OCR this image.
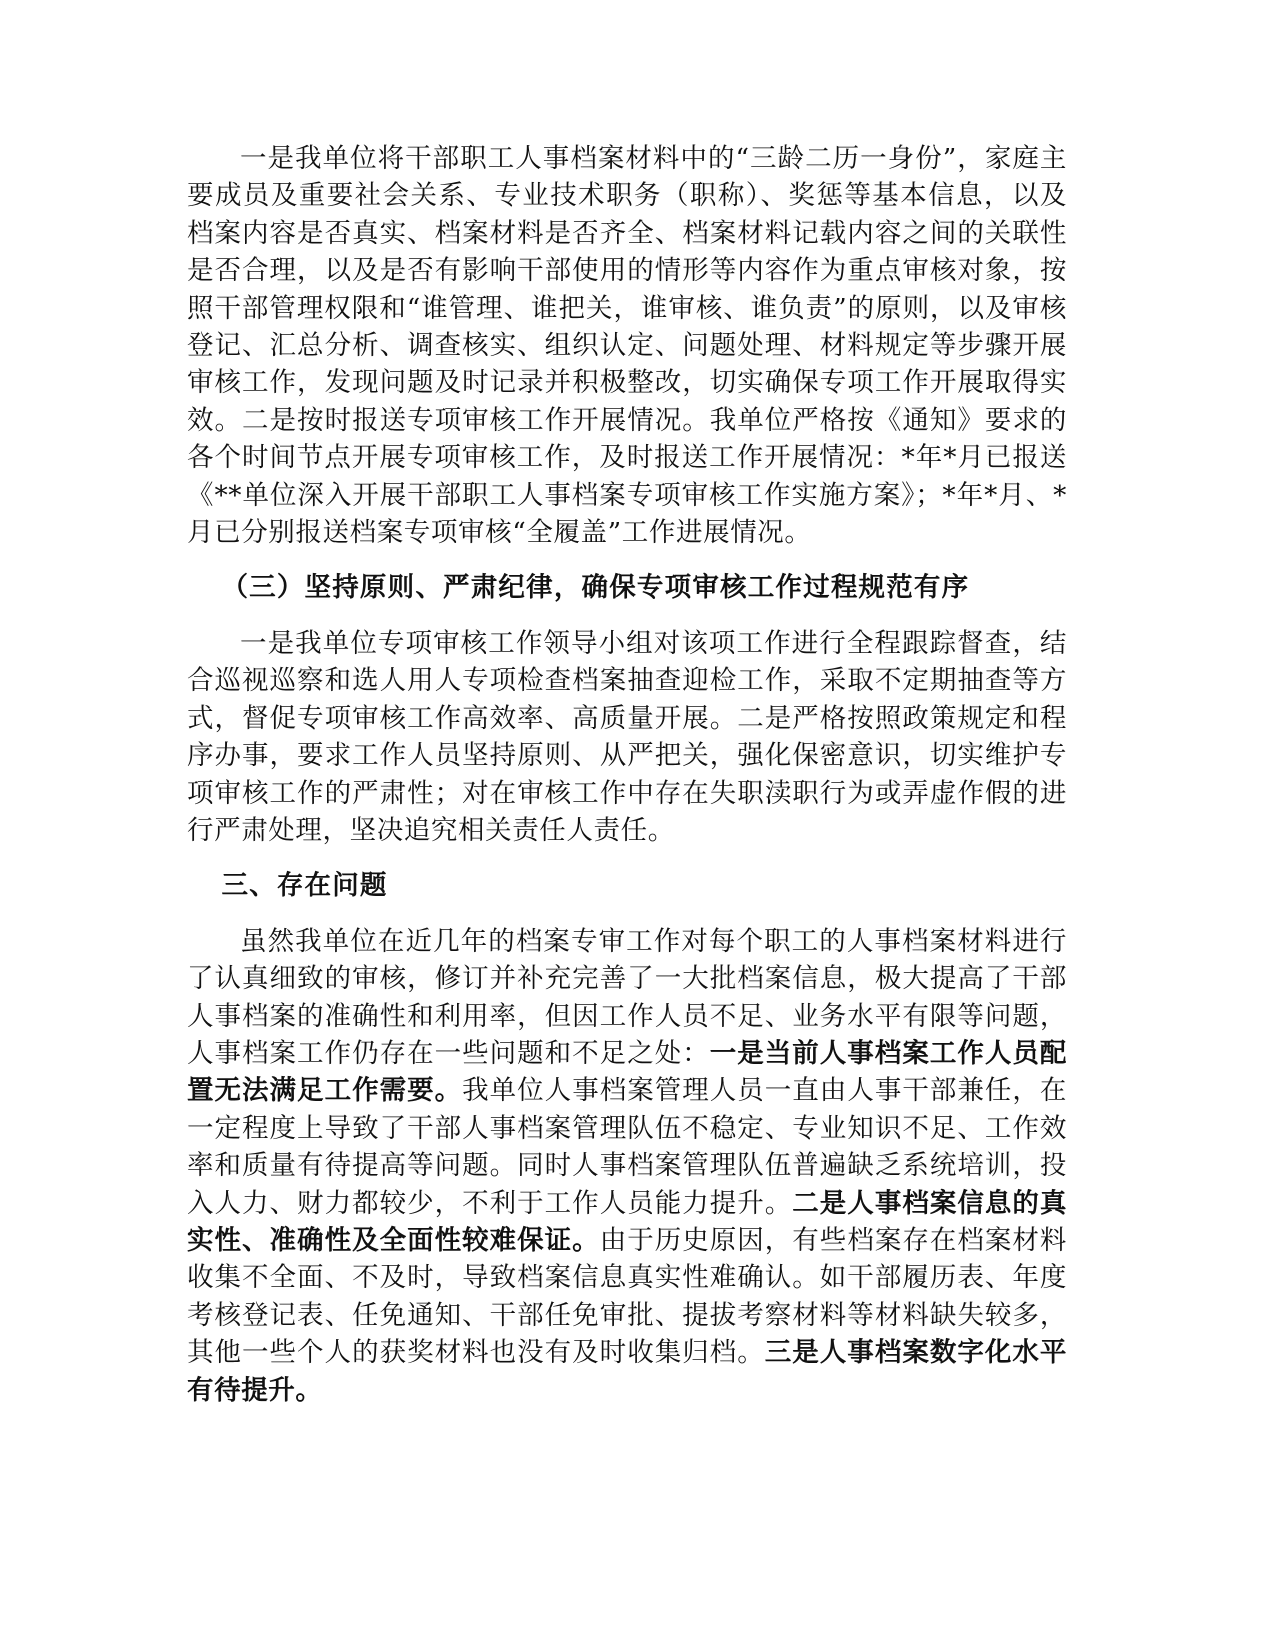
一是我单位将干部职工人事档案材料中的“三龄二历一身份”，家庭主要成员及重要社会关系、专业技术职务（职称）、奖惩等基本信息，以及档案内容是否真实、档案材料是否齐全、档案材料记载内容之间的关联性是否合理，以及是否有影响干部使用的情形等内容作为重点审核对象，按照干部管理权限和“谁管理、谁把关，谁审核、谁负责”的原则，以及审核登记、汇总分析、调查核实、组织认定、问题处理、材料规定等步骤开展审核工作，发现问题及时记录并积极整改，切实确保专项工作开展取得实效。二是按时报送专项审核工作开展情况。我单位严格按《通知》要求的各个时间节点开展专项审核工作，及时报送工作开展情况：*年*月已报送《**单位深入开展干部职工人事档案专项审核工作实施方案》；*年*月、*月已分别报送档案专项审核“全履盖”工作进展情况。

（三）坚持原则、严肃纪律，确保专项审核工作过程规范有序

一是我单位专项审核工作领导小组对该项工作进行全程跟踪督查，结合巡视巡察和选人用人专项检查档案抽查迎检工作，采取不定期抽查等方式，督促专项审核工作高效率、高质量开展。二是严格按照政策规定和程序办事，要求工作人员坚持原则、从严把关，强化保密意识，切实维护专项审核工作的严肃性；对在审核工作中存在失职渎职行为或弄虚作假的进行严肃处理，坚决追究相关责任人责任。

三、存在问题

虽然我单位在近几年的档案专审工作对每个职工的人事档案材料进行了认真细致的审核，修订并补充完善了一大批档案信息，极大提高了干部人事档案的准确性和利用率，但因工作人员不足、业务水平有限等问题，人事档案工作仍存在一些问题和不足之处：一是当前人事档案工作人员配置无法满足工作需要。我单位人事档案管理人员一直由人事干部兼任，在一定程度上导致了干部人事档案管理队伍不稳定、专业知识不足、工作效率和质量有待提高等问题。同时人事档案管理队伍普遍缺乏系统培训，投入人力、财力都较少，不利于工作人员能力提升。二是人事档案信息的真实性、准确性及全面性较难保证。由于历史原因，有些档案存在档案材料收集不全面、不及时，导致档案信息真实性难确认。如干部履历表、年度考核登记表、任免通知、干部任免审批、提拔考察材料等材料缺失较多，其他一些个人的获奖材料也没有及时收集归档。三是人事档案数字化水平有待提升。
